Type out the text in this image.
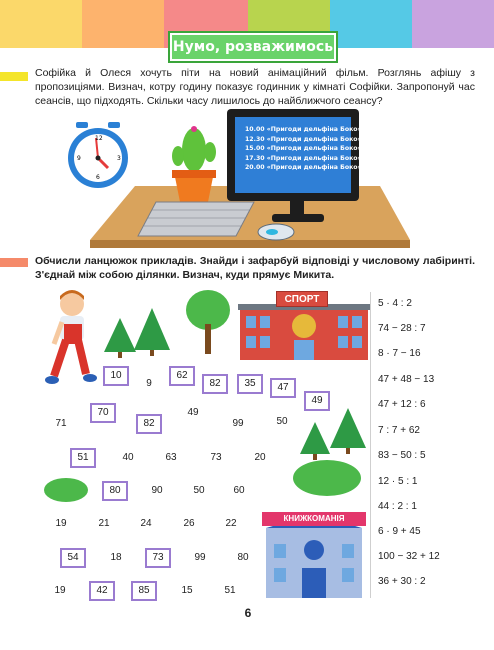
Нумо, розважимось
Софійка й Олеся хочуть піти на новий анімаційний фільм. Розглянь афішу з пропозиціями. Визнач, котру годину показує годинник у кімнаті Софійки. Запропонуй час сеансів, що підходять. Скільки часу лишилось до найближчого сеансу?
12
3
6
9
10.00 «Пригоди дельфіна Боко»
12.30 «Пригоди дельфіна Боко»
15.00 «Пригоди дельфіна Боко»
17.30 «Пригоди дельфіна Боко»
20.00 «Пригоди дельфіна Боко»
Обчисли ланцюжок прикладів. Знайди і зафарбуй відповіді у числовому лабіринті. З'єднай між собою ділянки. Визнач, куди прямує Микита.
СПОРТ
КНИЖКОМАНІЯ
10	62
9	82	35	47
49
70	49
71	82	99	50
51	40	63	73	20
80	90	50	60
19	21	24	26	22
54	18	73	99	80
19	42	85	15	51
5 · 4 : 2
74 − 28 : 7
8 · 7 − 16
47 + 48 − 13
47 + 12 : 6
7 : 7 + 62
83 − 50 : 5
12 · 5 : 1
44 : 2 : 1
6 · 9 + 45
100 − 32 + 12
36 + 30 : 2
6
